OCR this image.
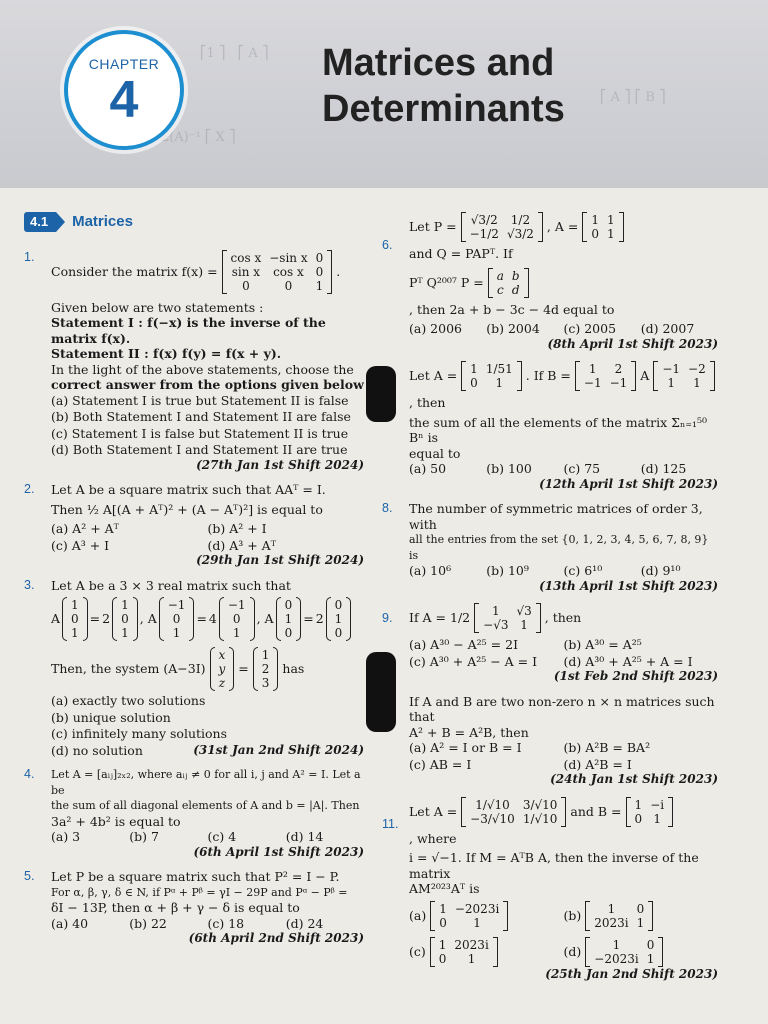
⎡1 ⎤   ⎡ A ⎤
Σ(A)⁻¹ ⎡ X ⎤
⎡ A ⎤ ⎡ B ⎤
CHAPTER
4
Matrices and
Determinants
4.1	Matrices
1.
Consider the matrix f(x) =
cos x	−sin x	0
sin x	cos x	0
0	0	1
.
Given below are two statements :
Statement I : f(−x) is the inverse of the matrix f(x).
Statement II : f(x) f(y) = f(x + y).
In the light of the above statements, choose the
correct answer from the options given below
(a) Statement I is true but Statement II is false
(b) Both Statement I and Statement II are false
(c) Statement I is false but Statement II is true
(d) Both Statement I and Statement II are true
(27th Jan 1st Shift 2024)
2. Let A be a square matrix such that AAᵀ = I.
Then ½ A[(A + Aᵀ)² + (A − Aᵀ)²] is equal to
(a) A² + Aᵀ	(b) A² + I
(c) A³ + I	(d) A³ + Aᵀ
(29th Jan 1st Shift 2024)
3. Let A be a 3 × 3 real matrix such that
A
1
0
1
= 2
1
0
1
, A
−1
0
1
= 4
−1
0
1
, A
0
1
0
= 2
0
1
0
Then, the system (A−3I)
x
y
z
=
1
2
3
has
(a) exactly two solutions
(b) unique solution
(c) infinitely many solutions
(d) no solution	(31st Jan 2nd Shift 2024)
4. Let A = [aᵢⱼ]₂ₓ₂, where aᵢⱼ ≠ 0 for all i, j and A² = I. Let a be
the sum of all diagonal elements of A and b = |A|. Then
3a² + 4b² is equal to
(a) 3	(b) 7	(c) 4	(d) 14
(6th April 1st Shift 2023)
5. Let P be a square matrix such that P² = I − P.
For α, β, γ, δ ∈ N, if Pᵅ + Pᵝ = γI − 29P and Pᵅ − Pᵝ =
δI − 13P, then α + β + γ − δ is equal to
(a) 40	(b) 22	(c) 18	(d) 24
(6th April 2nd Shift 2023)
6.
Let P = √3/2	1/2
−1/2	√3/2 , A = 1	1
0	1
and Q = PAPᵀ. If
Pᵀ Q²⁰⁰⁷ P = a	b
c	d
, then 2a + b − 3c − 4d equal to
(a) 2006	(b) 2004	(c) 2005	(d) 2007
(8th April 1st Shift 2023)
Let A = 1	1/51
0	1 . If B = 1	2
−1	−1 A −1	−2
1	1
, then
the sum of all the elements of the matrix Σₙ₌₁⁵⁰ Bⁿ is
equal to
(a) 50	(b) 100	(c) 75	(d) 125
(12th April 1st Shift 2023)
8. The number of symmetric matrices of order 3, with
all the entries from the set {0, 1, 2, 3, 4, 5, 6, 7, 8, 9} is
(a) 10⁶	(b) 10⁹	(c) 6¹⁰	(d) 9¹⁰
(13th April 1st Shift 2023)
9. If A = 1/2 1	√3
−√3	1 , then
(a) A³⁰ − A²⁵ = 2I	(b) A³⁰ = A²⁵
(c) A³⁰ + A²⁵ − A = I	(d) A³⁰ + A²⁵ + A = I
(1st Feb 2nd Shift 2023)
If A and B are two non-zero n × n matrices such that
A² + B = A²B, then
(a) A² = I or B = I	(b) A²B = BA²
(c) AB = I	(d) A²B = I
(24th Jan 1st Shift 2023)
11.
Let A = 1/√10	3/√10
−3/√10	1/√10 and B = 1	−i
0	1
, where
i = √−1. If M = AᵀB A, then the inverse of the matrix
AM²⁰²³Aᵀ is
(a) 1	−2023i
0	1	(b) 1	0
2023i	1
(c) 1	2023i
0	1	(d)	1	0
−2023i	1
(25th Jan 2nd Shift 2023)
